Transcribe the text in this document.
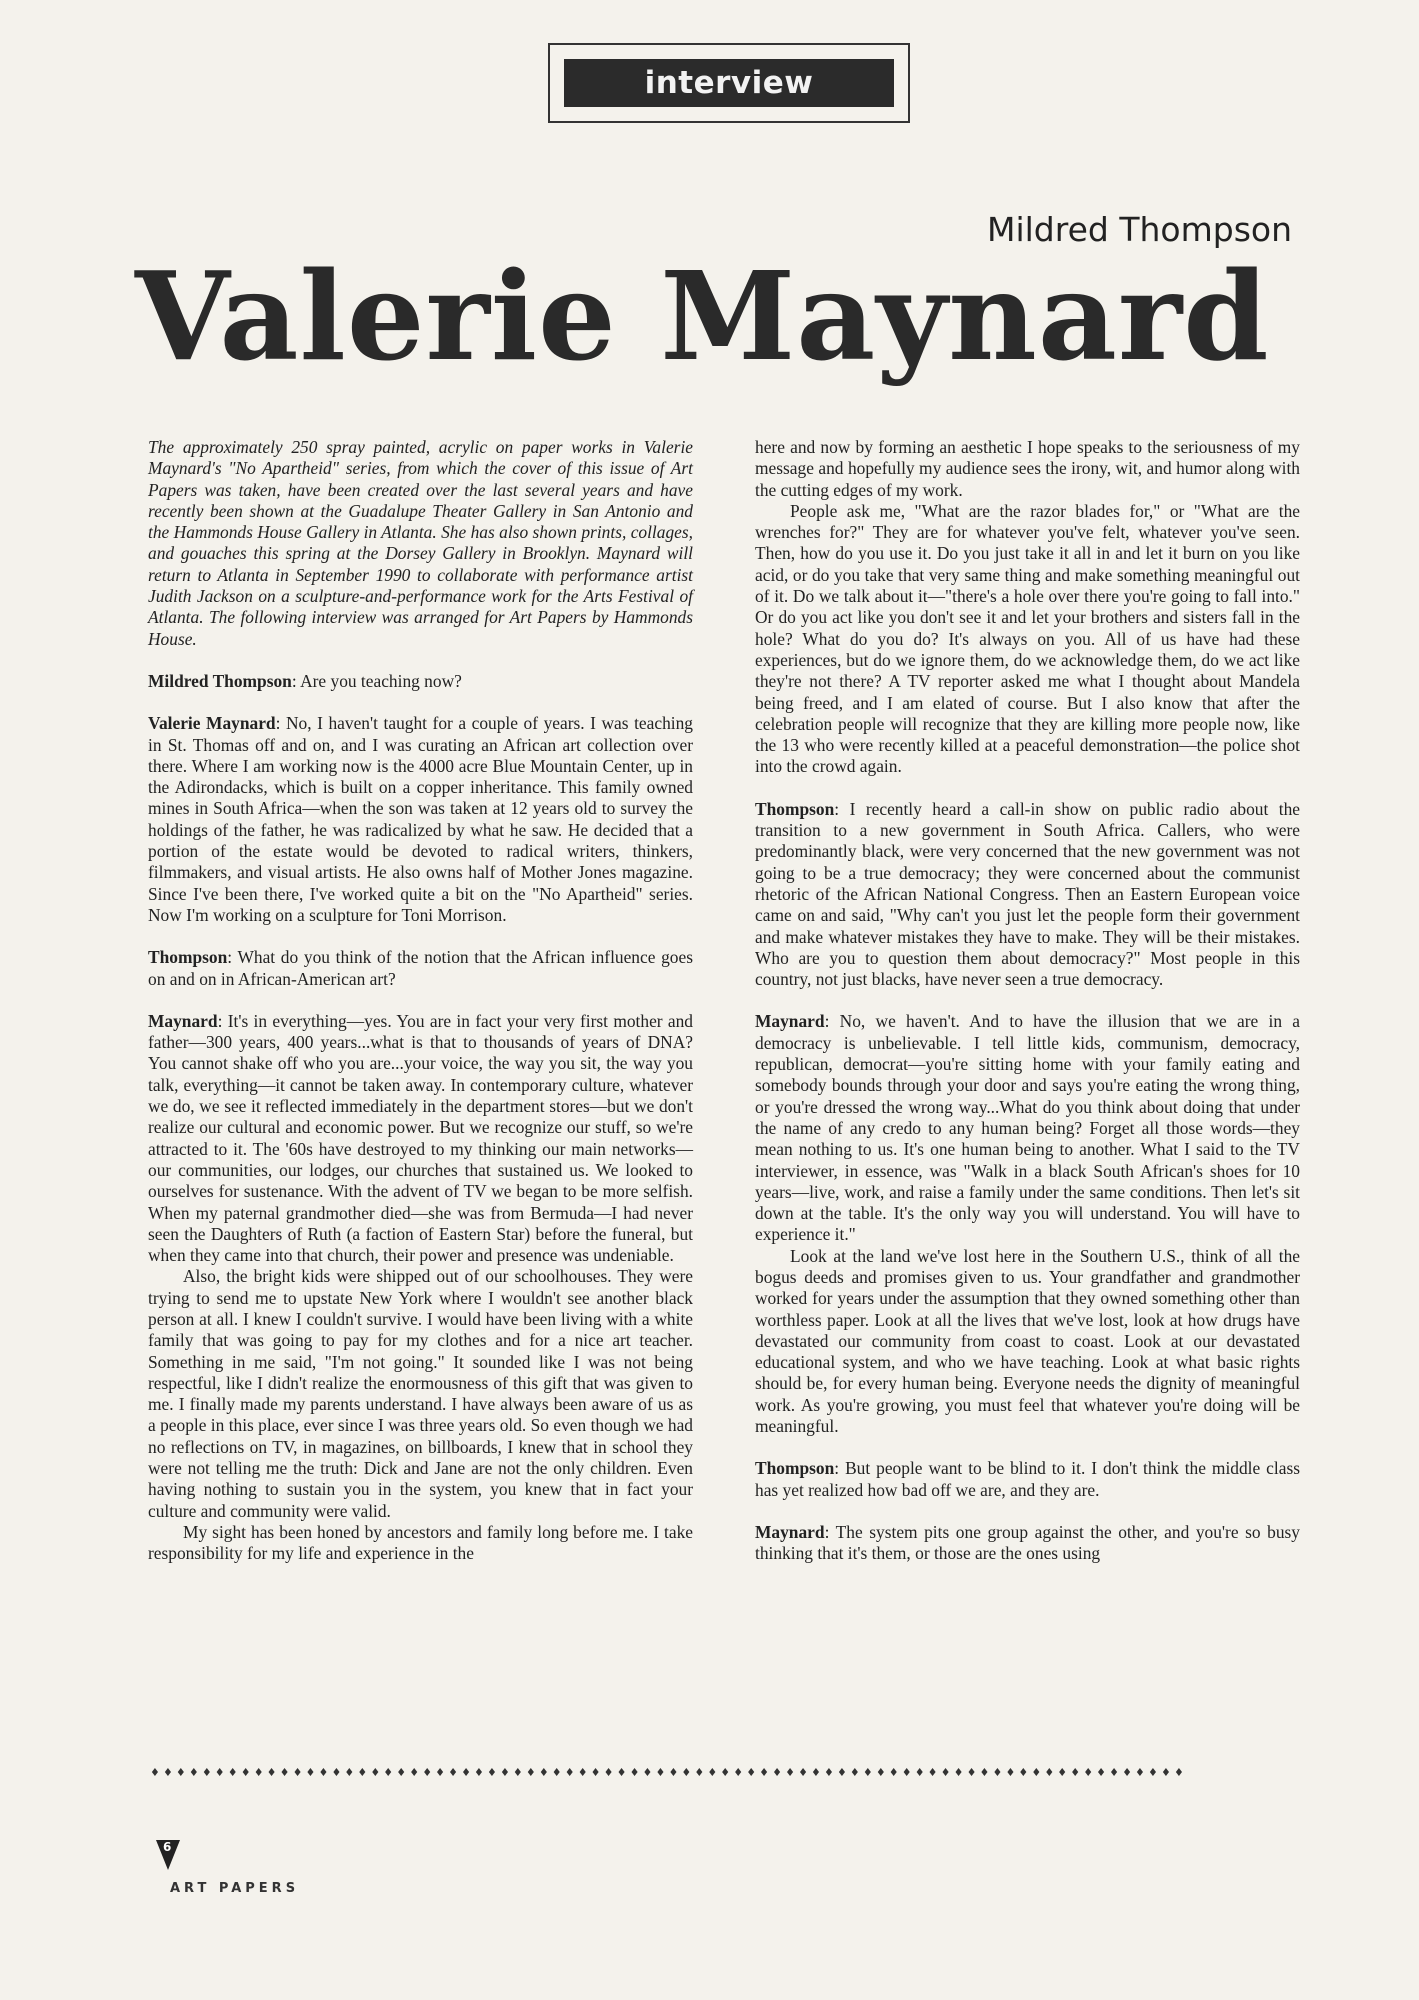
interview
Mildred Thompson
Valerie Maynard

The approximately 250 spray painted, acrylic on paper works in Valerie Maynard's "No Apartheid" series, from which the cover of this issue of Art Papers was taken, have been created over the last several years and have recently been shown at the Guadalupe Theater Gallery in San Antonio and the Hammonds House Gallery in Atlanta. She has also shown prints, collages, and gouaches this spring at the Dorsey Gallery in Brooklyn. Maynard will return to Atlanta in September 1990 to collaborate with performance artist Judith Jackson on a sculpture-and-performance work for the Arts Festival of Atlanta. The following interview was arranged for Art Papers by Hammonds House.

Mildred Thompson: Are you teaching now?

Valerie Maynard: No, I haven't taught for a couple of years. I was teaching in St. Thomas off and on, and I was curating an African art collection over there. Where I am working now is the 4000 acre Blue Mountain Center, up in the Adirondacks, which is built on a copper inheritance. This family owned mines in South Africa—when the son was taken at 12 years old to survey the holdings of the father, he was radicalized by what he saw. He decided that a portion of the estate would be devoted to radical writers, thinkers, filmmakers, and visual artists. He also owns half of Mother Jones magazine. Since I've been there, I've worked quite a bit on the "No Apartheid" series. Now I'm working on a sculpture for Toni Morrison.

Thompson: What do you think of the notion that the African influence goes on and on in African-American art?

Maynard: It's in everything—yes. You are in fact your very first mother and father—300 years, 400 years...what is that to thousands of years of DNA? You cannot shake off who you are...your voice, the way you sit, the way you talk, everything—it cannot be taken away. In contemporary culture, whatever we do, we see it reflected immediately in the department stores—but we don't realize our cultural and economic power. But we recognize our stuff, so we're attracted to it. The '60s have destroyed to my thinking our main networks—our communities, our lodges, our churches that sustained us. We looked to ourselves for sustenance. With the advent of TV we began to be more selfish. When my paternal grandmother died—she was from Bermuda—I had never seen the Daughters of Ruth (a faction of Eastern Star) before the funeral, but when they came into that church, their power and presence was undeniable.

Also, the bright kids were shipped out of our schoolhouses. They were trying to send me to upstate New York where I wouldn't see another black person at all. I knew I couldn't survive. I would have been living with a white family that was going to pay for my clothes and for a nice art teacher. Something in me said, "I'm not going." It sounded like I was not being respectful, like I didn't realize the enormousness of this gift that was given to me. I finally made my parents understand. I have always been aware of us as a people in this place, ever since I was three years old. So even though we had no reflections on TV, in magazines, on billboards, I knew that in school they were not telling me the truth: Dick and Jane are not the only children. Even having nothing to sustain you in the system, you knew that in fact your culture and community were valid.

My sight has been honed by ancestors and family long before me. I take responsibility for my life and experience in the

here and now by forming an aesthetic I hope speaks to the seriousness of my message and hopefully my audience sees the irony, wit, and humor along with the cutting edges of my work.

People ask me, "What are the razor blades for," or "What are the wrenches for?" They are for whatever you've felt, whatever you've seen. Then, how do you use it. Do you just take it all in and let it burn on you like acid, or do you take that very same thing and make something meaningful out of it. Do we talk about it—"there's a hole over there you're going to fall into." Or do you act like you don't see it and let your brothers and sisters fall in the hole? What do you do? It's always on you. All of us have had these experiences, but do we ignore them, do we acknowledge them, do we act like they're not there? A TV reporter asked me what I thought about Mandela being freed, and I am elated of course. But I also know that after the celebration people will recognize that they are killing more people now, like the 13 who were recently killed at a peaceful demonstration—the police shot into the crowd again.

Thompson: I recently heard a call-in show on public radio about the transition to a new government in South Africa. Callers, who were predominantly black, were very concerned that the new government was not going to be a true democracy; they were concerned about the communist rhetoric of the African National Congress. Then an Eastern European voice came on and said, "Why can't you just let the people form their government and make whatever mistakes they have to make. They will be their mistakes. Who are you to question them about democracy?" Most people in this country, not just blacks, have never seen a true democracy.

Maynard: No, we haven't. And to have the illusion that we are in a democracy is unbelievable. I tell little kids, communism, democracy, republican, democrat—you're sitting home with your family eating and somebody bounds through your door and says you're eating the wrong thing, or you're dressed the wrong way...What do you think about doing that under the name of any credo to any human being? Forget all those words—they mean nothing to us. It's one human being to another. What I said to the TV interviewer, in essence, was "Walk in a black South African's shoes for 10 years—live, work, and raise a family under the same conditions. Then let's sit down at the table. It's the only way you will understand. You will have to experience it."

Look at the land we've lost here in the Southern U.S., think of all the bogus deeds and promises given to us. Your grandfather and grandmother worked for years under the assumption that they owned something other than worthless paper. Look at all the lives that we've lost, look at how drugs have devastated our community from coast to coast. Look at our devastated educational system, and who we have teaching. Look at what basic rights should be, for every human being. Everyone needs the dignity of meaningful work. As you're growing, you must feel that whatever you're doing will be meaningful.

Thompson: But people want to be blind to it. I don't think the middle class has yet realized how bad off we are, and they are.

Maynard: The system pits one group against the other, and you're so busy thinking that it's them, or those are the ones using

♦♦♦♦♦♦♦♦♦♦♦♦♦♦♦♦♦♦♦♦♦♦♦♦♦♦♦♦♦♦♦♦♦♦♦♦♦♦♦♦♦♦♦♦♦♦♦♦♦♦♦♦♦♦♦♦♦♦♦♦♦♦♦♦♦♦♦♦♦♦♦♦♦♦♦♦♦♦♦♦
6
ART PAPERS
